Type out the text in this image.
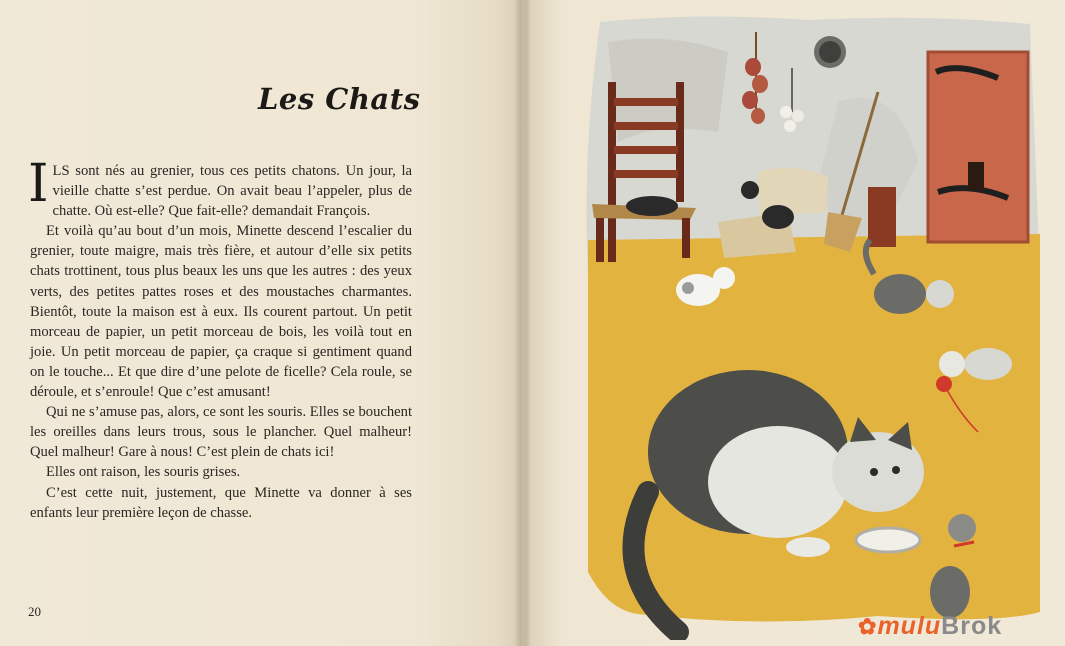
Les Chats

ILS sont nés au grenier, tous ces petits chatons. Un jour, la vieille chatte s’est perdue. On avait beau l’appeler, plus de chatte. Où est-elle? Que fait-elle? demandait François.

Et voilà qu’au bout d’un mois, Minette descend l’escalier du grenier, toute maigre, mais très fière, et autour d’elle six petits chats trottinent, tous plus beaux les uns que les autres : des yeux verts, des petites pattes roses et des moustaches charmantes. Bientôt, toute la maison est à eux. Ils courent partout. Un petit morceau de papier, un petit morceau de bois, les voilà tout en joie. Un petit morceau de papier, ça craque si gentiment quand on le touche... Et que dire d’une pelote de ficelle? Cela roule, se déroule, et s’enroule! Que c’est amusant!

Qui ne s’amuse pas, alors, ce sont les souris. Elles se bouchent les oreilles dans leurs trous, sous le plancher. Quel malheur! Quel malheur! Gare à nous! C’est plein de chats ici!

Elles ont raison, les souris grises.

C’est cette nuit, justement, que Minette va donner à ses enfants leur première leçon de chasse.

20
✿muluBrok
